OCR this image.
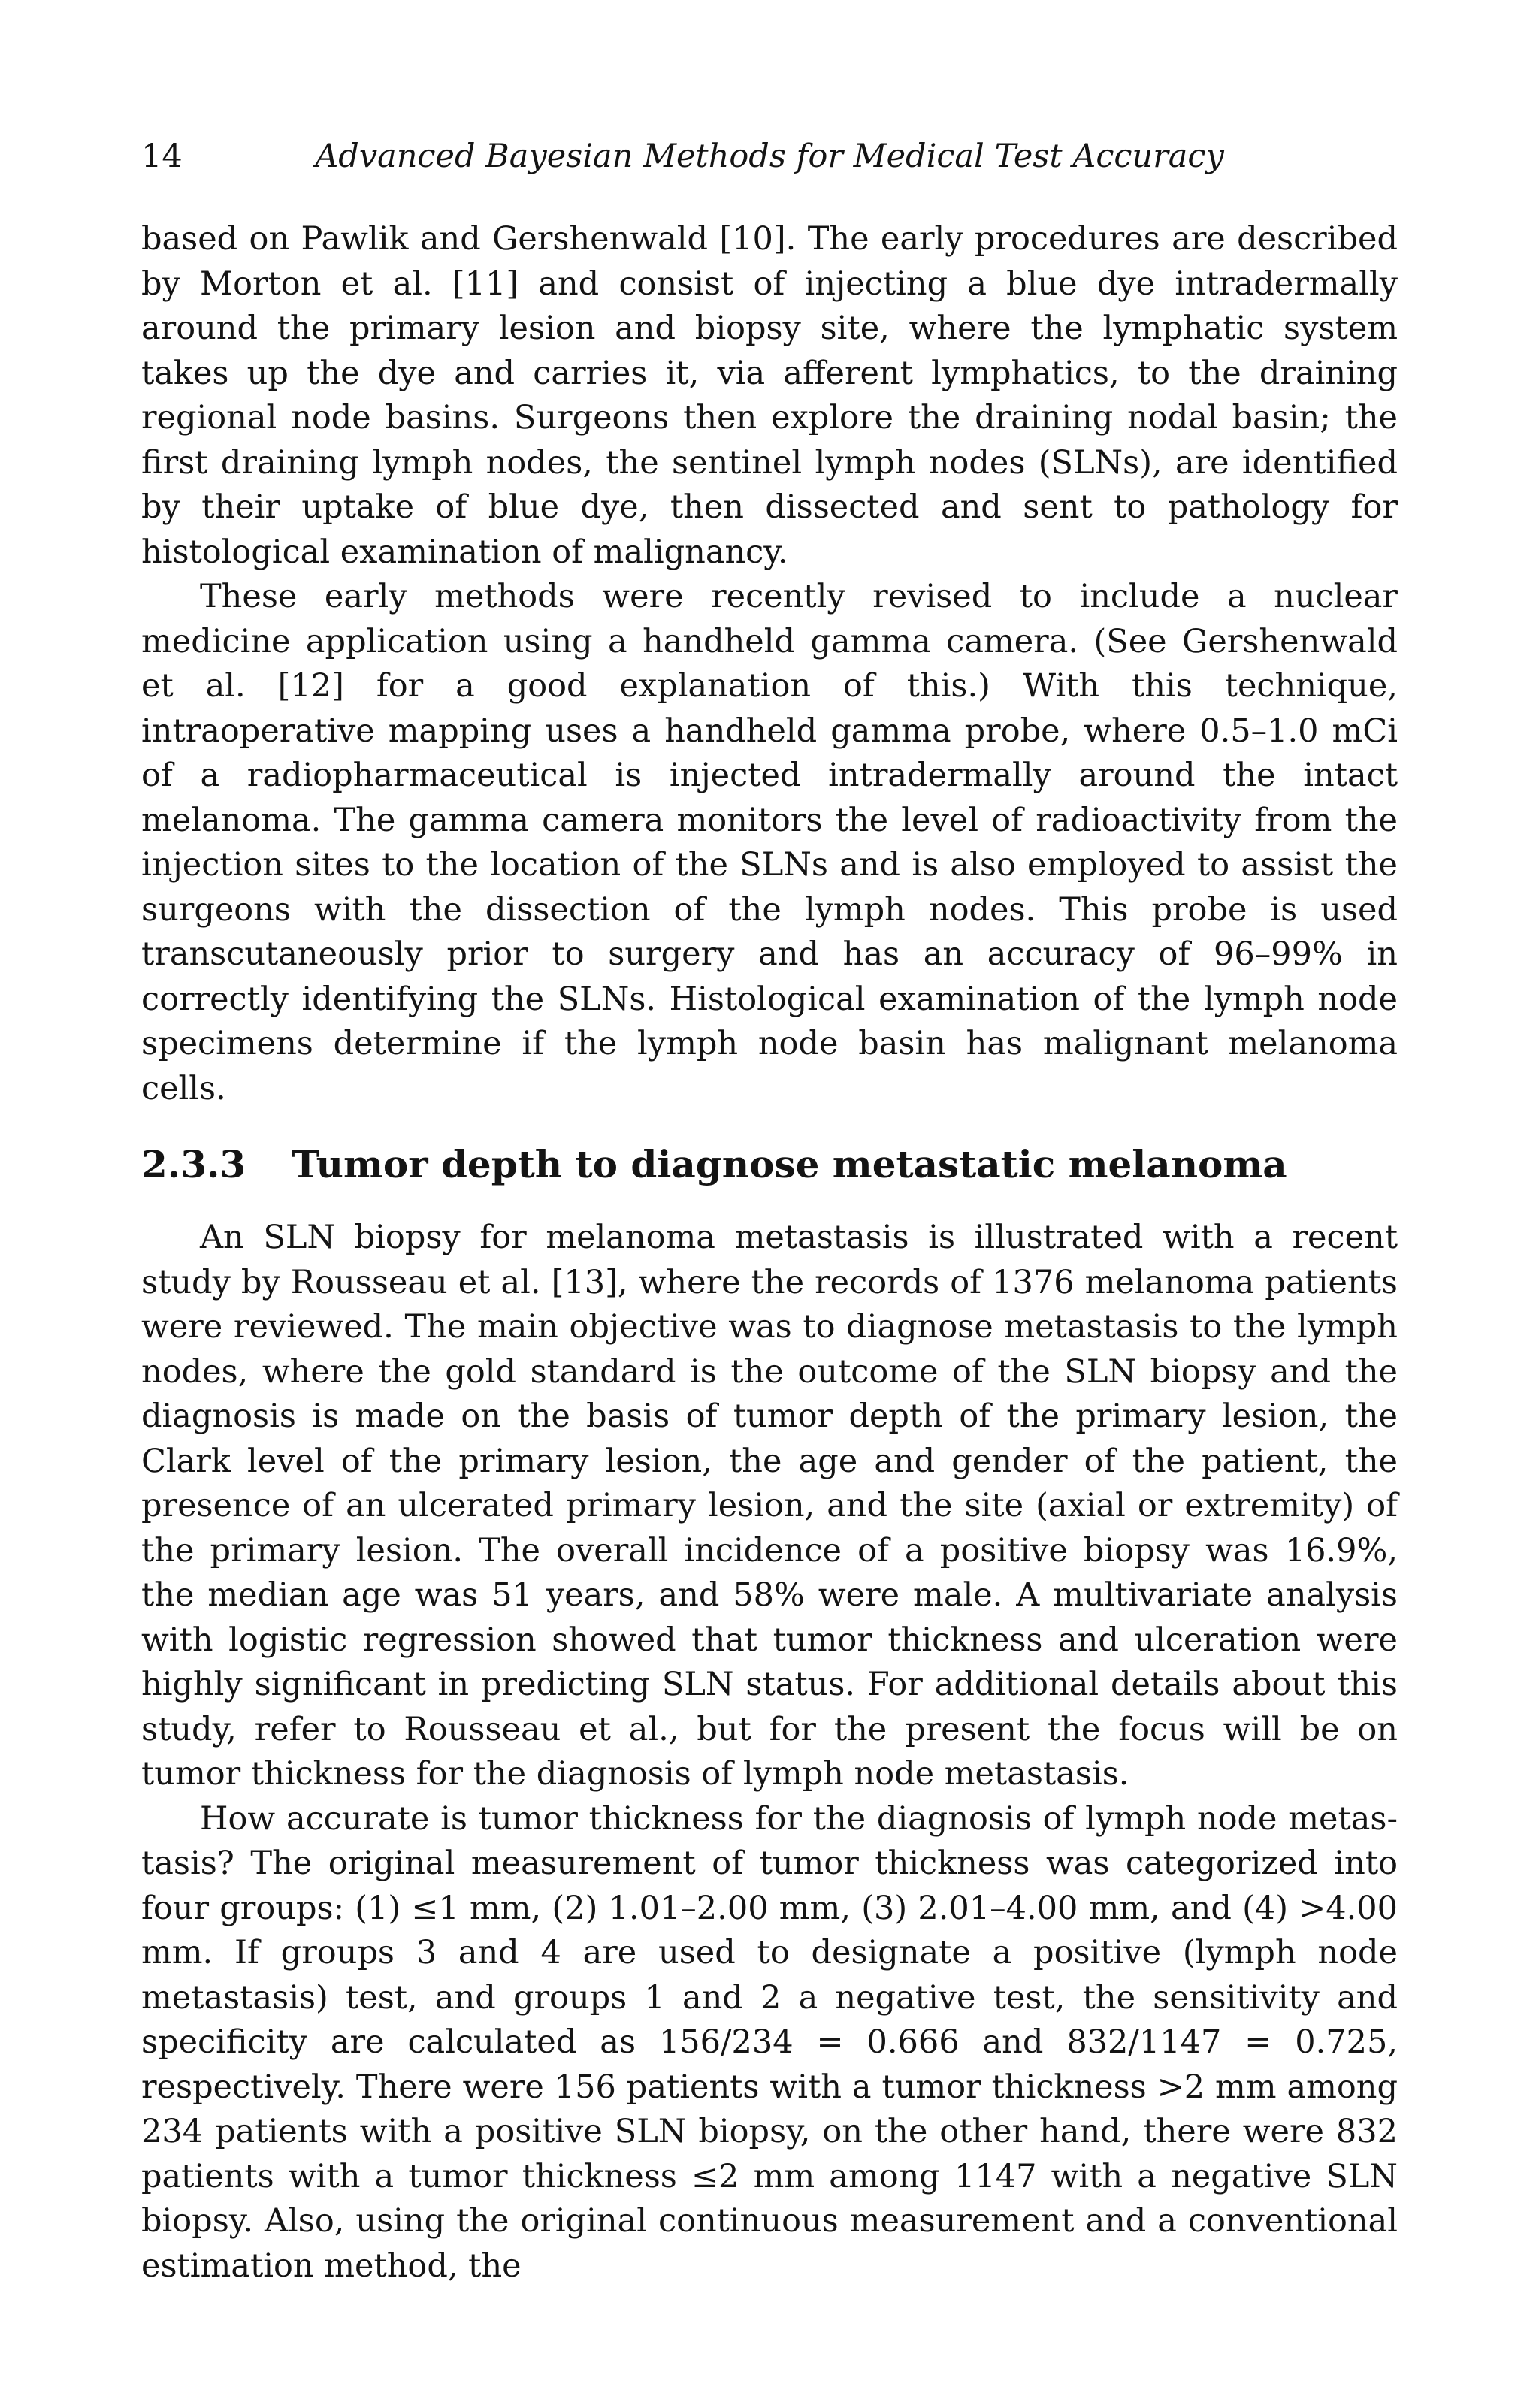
14	Advanced Bayesian Methods for Medical Test Accuracy

based on Pawlik and Gershenwald [10]. The early procedures are described by Morton et al. [11] and consist of injecting a blue dye intradermally around the primary lesion and biopsy site, where the lymphatic system takes up the dye and carries it, via afferent lymphatics, to the draining regional node basins. Surgeons then explore the draining nodal basin; the first draining lymph nodes, the sentinel lymph nodes (SLNs), are identified by their uptake of blue dye, then dissected and sent to pathology for histological examination of malignancy.

These early methods were recently revised to include a nuclear medicine application using a handheld gamma camera. (See Gershenwald et al. [12] for a good explanation of this.) With this technique, intraoperative mapping uses a handheld gamma probe, where 0.5–1.0 mCi of a radiopharmaceutical is injected intradermally around the intact melanoma. The gamma camera monitors the level of radioactivity from the injection sites to the location of the SLNs and is also employed to assist the surgeons with the dissection of the lymph nodes. This probe is used transcutaneously prior to surgery and has an accuracy of 96–99% in correctly identifying the SLNs. Histological examination of the lymph node specimens determine if the lymph node basin has malignant melanoma cells.

2.3.3 Tumor depth to diagnose metastatic melanoma

An SLN biopsy for melanoma metastasis is illustrated with a recent study by Rousseau et al. [13], where the records of 1376 melanoma patients were reviewed. The main objective was to diagnose metastasis to the lymph nodes, where the gold standard is the outcome of the SLN biopsy and the diagnosis is made on the basis of tumor depth of the primary lesion, the Clark level of the primary lesion, the age and gender of the patient, the presence of an ulcerated primary lesion, and the site (axial or extremity) of the primary lesion. The overall incidence of a positive biopsy was 16.9%, the median age was 51 years, and 58% were male. A multivariate analysis with logistic regression showed that tumor thickness and ulceration were highly significant in predicting SLN status. For additional details about this study, refer to Rousseau et al., but for the present the focus will be on tumor thickness for the diagnosis of lymph node metastasis.

How accurate is tumor thickness for the diagnosis of lymph node metastasis? The original measurement of tumor thickness was categorized into four groups: (1) ≤1 mm, (2) 1.01–2.00 mm, (3) 2.01–4.00 mm, and (4) >4.00 mm. If groups 3 and 4 are used to designate a positive (lymph node metastasis) test, and groups 1 and 2 a negative test, the sensitivity and specificity are calculated as 156/234 = 0.666 and 832/1147 = 0.725, respectively. There were 156 patients with a tumor thickness >2 mm among 234 patients with a positive SLN biopsy, on the other hand, there were 832 patients with a tumor thickness ≤2 mm among 1147 with a negative SLN biopsy. Also, using the original continuous measurement and a conventional estimation method, the
